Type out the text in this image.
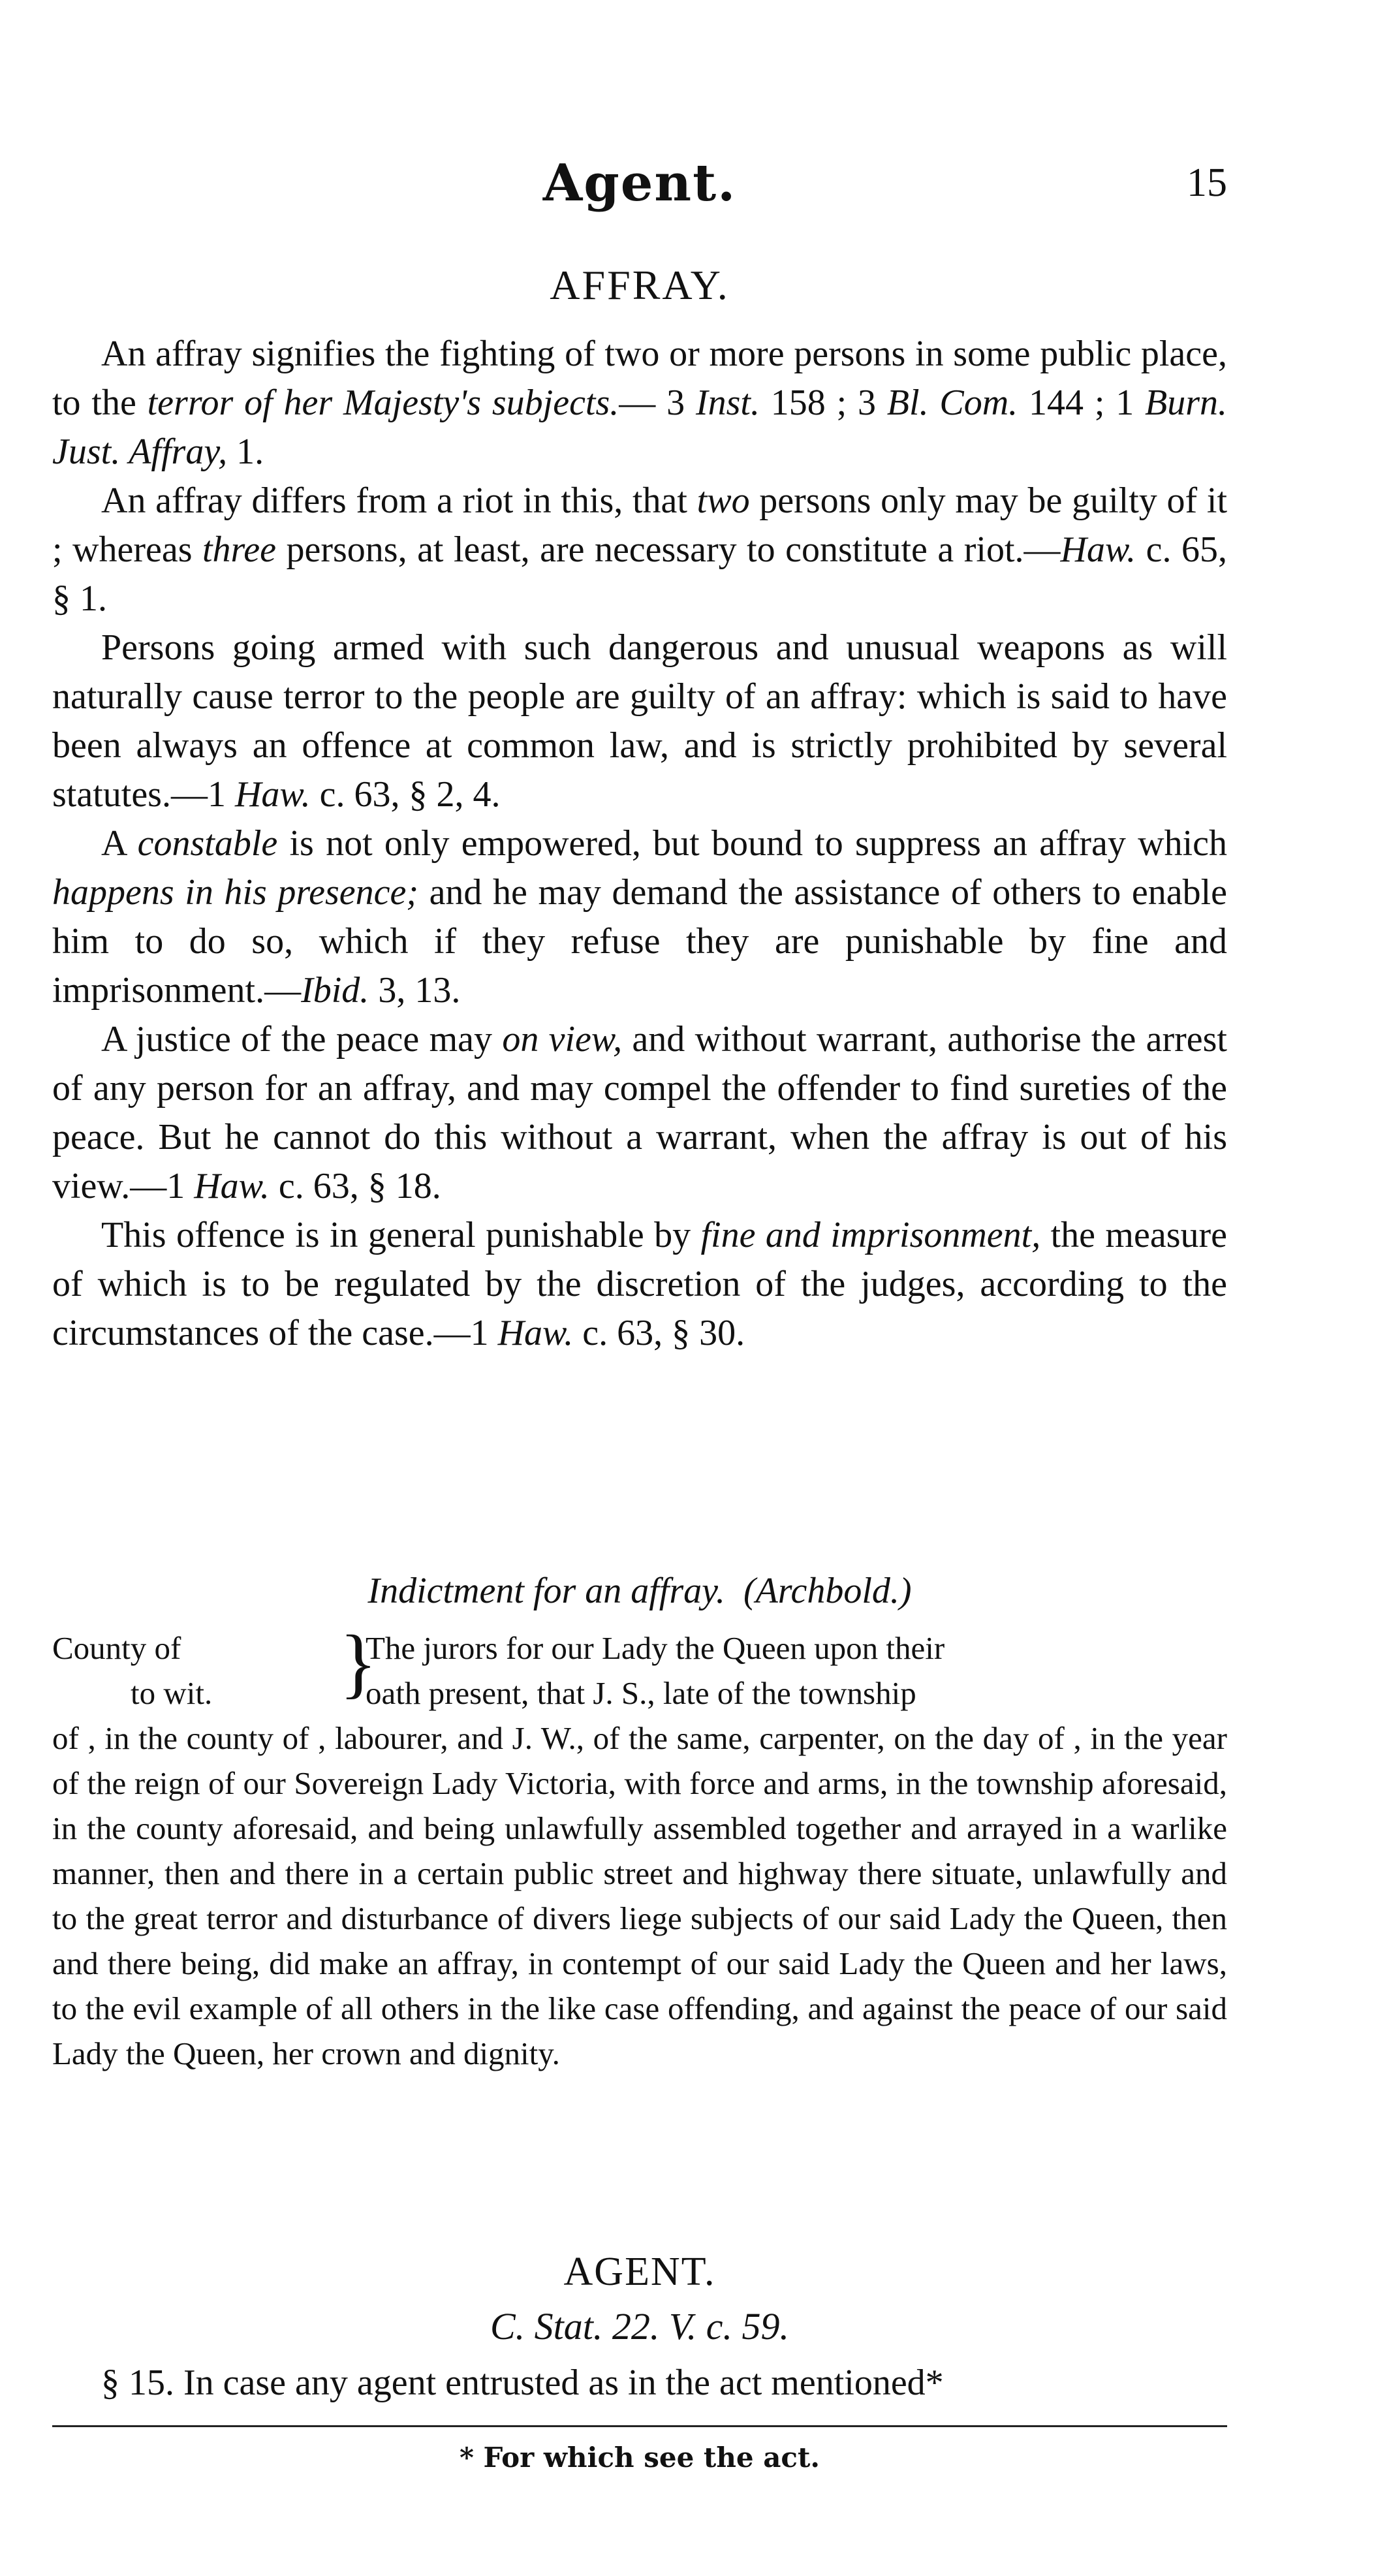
Agent.	15
AFFRAY.

An affray signifies the fighting of two or more persons in some public place, to the terror of her Majesty's subjects.— 3 Inst. 158 ; 3 Bl. Com. 144 ; 1 Burn. Just. Affray, 1.

An affray differs from a riot in this, that two persons only may be guilty of it ; whereas three persons, at least, are necessary to constitute a riot.—Haw. c. 65, § 1.

Persons going armed with such dangerous and unusual weapons as will naturally cause terror to the people are guilty of an affray: which is said to have been always an offence at common law, and is strictly prohibited by several statutes.—1 Haw. c. 63, § 2, 4.

A constable is not only empowered, but bound to suppress an affray which happens in his presence; and he may demand the assistance of others to enable him to do so, which if they refuse they are punishable by fine and imprisonment.—Ibid. 3, 13.

A justice of the peace may on view, and without warrant, authorise the arrest of any person for an affray, and may compel the offender to find sureties of the peace. But he cannot do this without a warrant, when the affray is out of his view.—1 Haw. c. 63, § 18.

This offence is in general punishable by fine and imprisonment, the measure of which is to be regulated by the discretion of the judges, according to the circumstances of the case.—1 Haw. c. 63, § 30.

Indictment for an affray. (Archbold.)
County of
to wit.	}
The jurors for our Lady the Queen upon their
oath present, that J. S., late of the township
of , in the county of , labourer, and J. W., of the same, carpenter, on the day of , in the year of the reign of our Sovereign Lady Victoria, with force and arms, in the township aforesaid, in the county aforesaid, and being unlawfully assembled together and arrayed in a warlike manner, then and there in a certain public street and highway there situate, unlawfully and to the great terror and disturbance of divers liege subjects of our said Lady the Queen, then and there being, did make an affray, in contempt of our said Lady the Queen and her laws, to the evil example of all others in the like case offending, and against the peace of our said Lady the Queen, her crown and dignity.
AGENT.
C. Stat. 22. V. c. 59.
§ 15. In case any agent entrusted as in the act mentioned*
* For which see the act.
